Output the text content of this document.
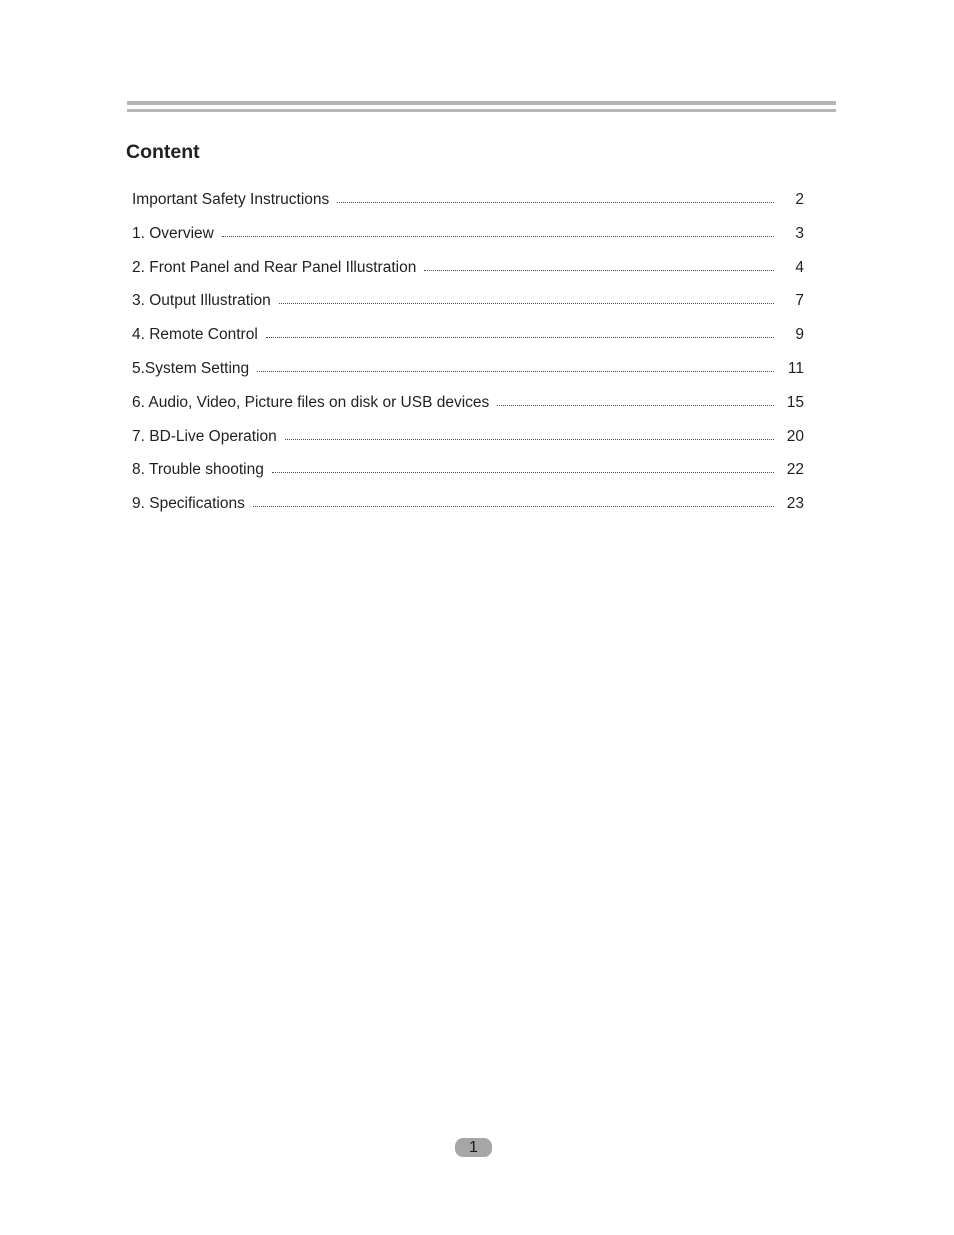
Content
Important Safety Instructions	2
1. Overview	3
2. Front Panel and Rear Panel Illustration	4
3. Output Illustration	7
4. Remote Control	9
5.System Setting	11
6. Audio, Video, Picture files on disk or USB devices	15
7. BD-Live Operation	20
8. Trouble shooting	22
9. Specifications	23
1
